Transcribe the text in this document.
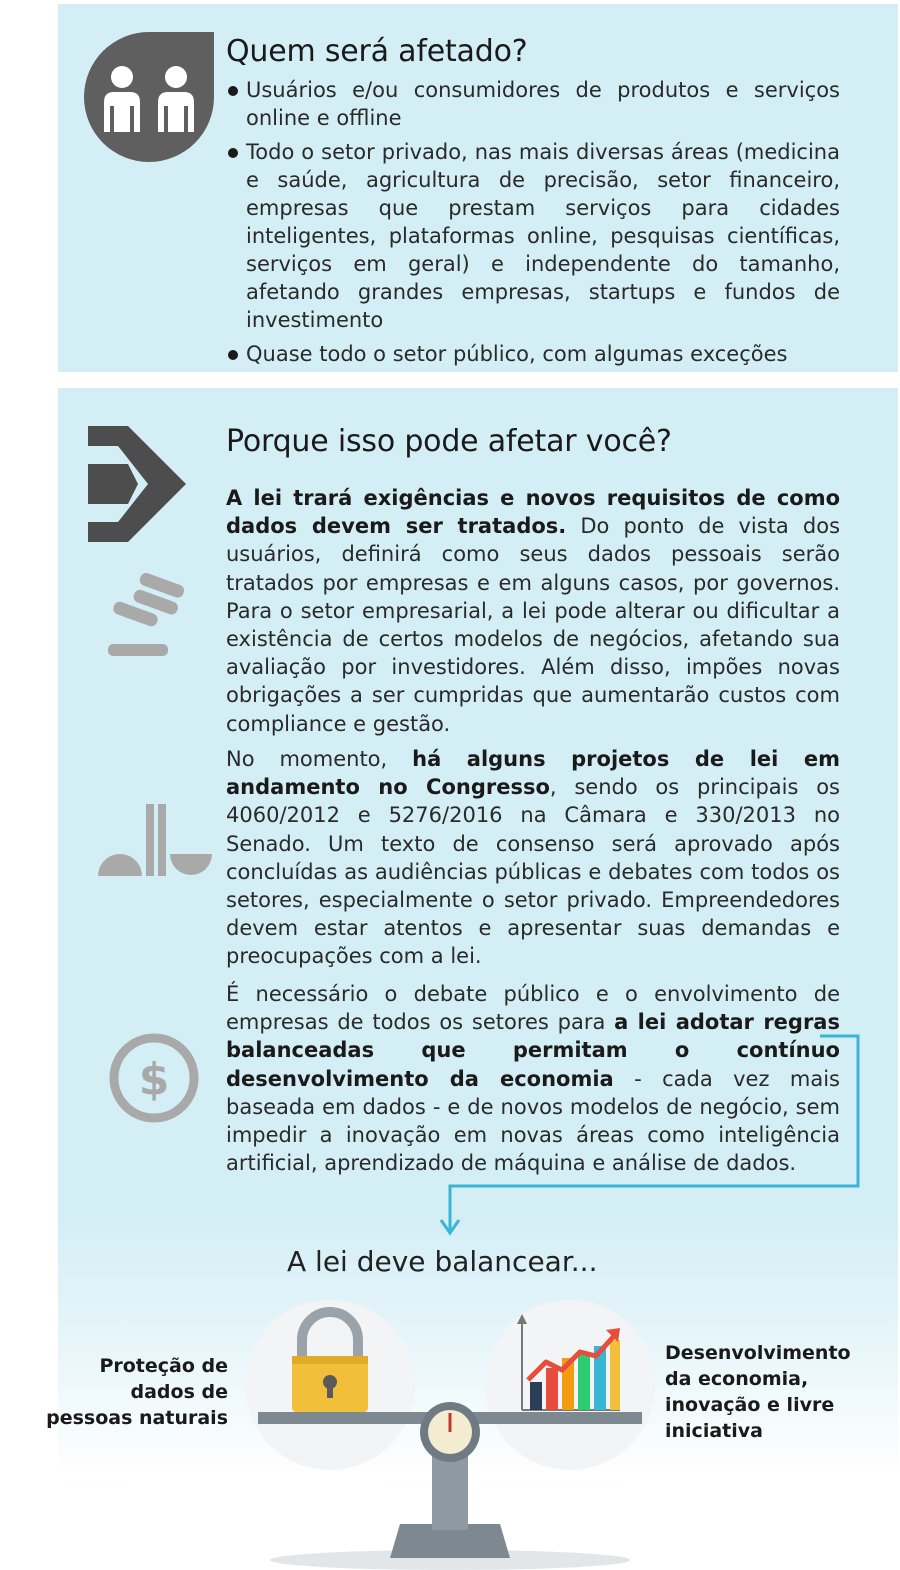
Quem será afetado?
Usuários e/ou consumidores de produtos e serviços online e offline
Todo o setor privado, nas mais diversas áreas (medicina e saúde, agricultura de precisão, setor financeiro, empresas que prestam serviços para cidades inteligentes, plataformas online, pesquisas científicas, serviços em geral) e independente do tamanho, afetando grandes empresas, startups e fundos de investimento
Quase todo o setor público, com algumas exceções
Porque isso pode afetar você?

A lei trará exigências e novos requisitos de como dados devem ser tratados. Do ponto de vista dos usuários, definirá como seus dados pessoais serão tratados por empresas e em alguns casos, por governos. Para o setor empresarial, a lei pode alterar ou dificultar a existência de certos modelos de negócios, afetando sua avaliação por investidores. Além disso, impões novas obrigações a ser cumpridas que aumentarão custos com compliance e gestão.

No momento, há alguns projetos de lei em andamento no Congresso, sendo os principais os 4060/2012 e 5276/2016 na Câmara e 330/2013 no Senado. Um texto de consenso será aprovado após concluídas as audiências públicas e debates com todos os setores, especialmente o setor privado. Empreendedores devem estar atentos e apresentar suas demandas e preocupações com a lei.

É necessário o debate público e o envolvimento de empresas de todos os setores para a lei adotar regras balanceadas que permitam o contínuo desenvolvimento da economia - cada vez mais baseada em dados - e de novos modelos de negócio, sem impedir a inovação em novas áreas como inteligência artificial, aprendizado de máquina e análise de dados.

$
A lei deve balancear...

Proteção de dados de pessoas naturais

Desenvolvimento da economia, inovação e livre iniciativa
